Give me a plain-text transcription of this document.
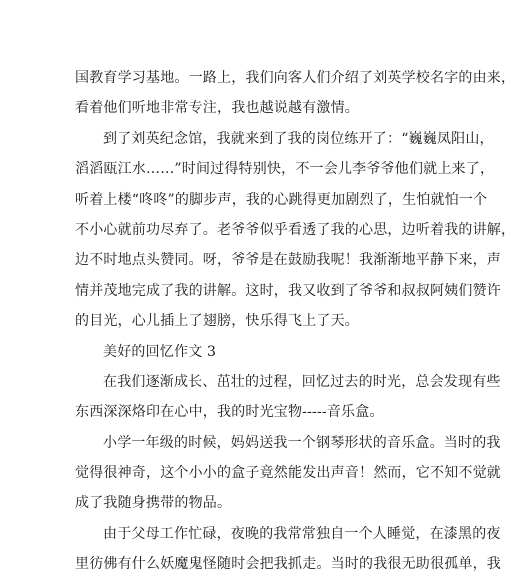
国教育学习基地。一路上，我们向客人们介绍了刘英学校名字的由来，
看着他们听地非常专注，我也越说越有激情。
到了刘英纪念馆，我就来到了我的岗位练开了：“巍巍凤阳山，
滔滔瓯江水……”时间过得特别快，不一会儿李爷爷他们就上来了，
听着上楼“咚咚”的脚步声，我的心跳得更加剧烈了，生怕就怕一个
不小心就前功尽弃了。老爷爷似乎看透了我的心思，边听着我的讲解，
边不时地点头赞同。呀，爷爷是在鼓励我呢！我渐渐地平静下来，声
情并茂地完成了我的讲解。这时，我又收到了爷爷和叔叔阿姨们赞许
的目光，心儿插上了翅膀，快乐得飞上了天。
美好的回忆作文 3
在我们逐渐成长、茁壮的过程，回忆过去的时光，总会发现有些
东西深深烙印在心中，我的时光宝物-----音乐盒。
小学一年级的时候，妈妈送我一个钢琴形状的音乐盒。当时的我
觉得很神奇，这个小小的盒子竟然能发出声音！然而，它不知不觉就
成了我随身携带的物品。
由于父母工作忙碌，夜晚的我常常独自一个人睡觉，在漆黑的夜
里彷佛有什么妖魔鬼怪随时会把我抓走。当时的我很无助很孤单，我
